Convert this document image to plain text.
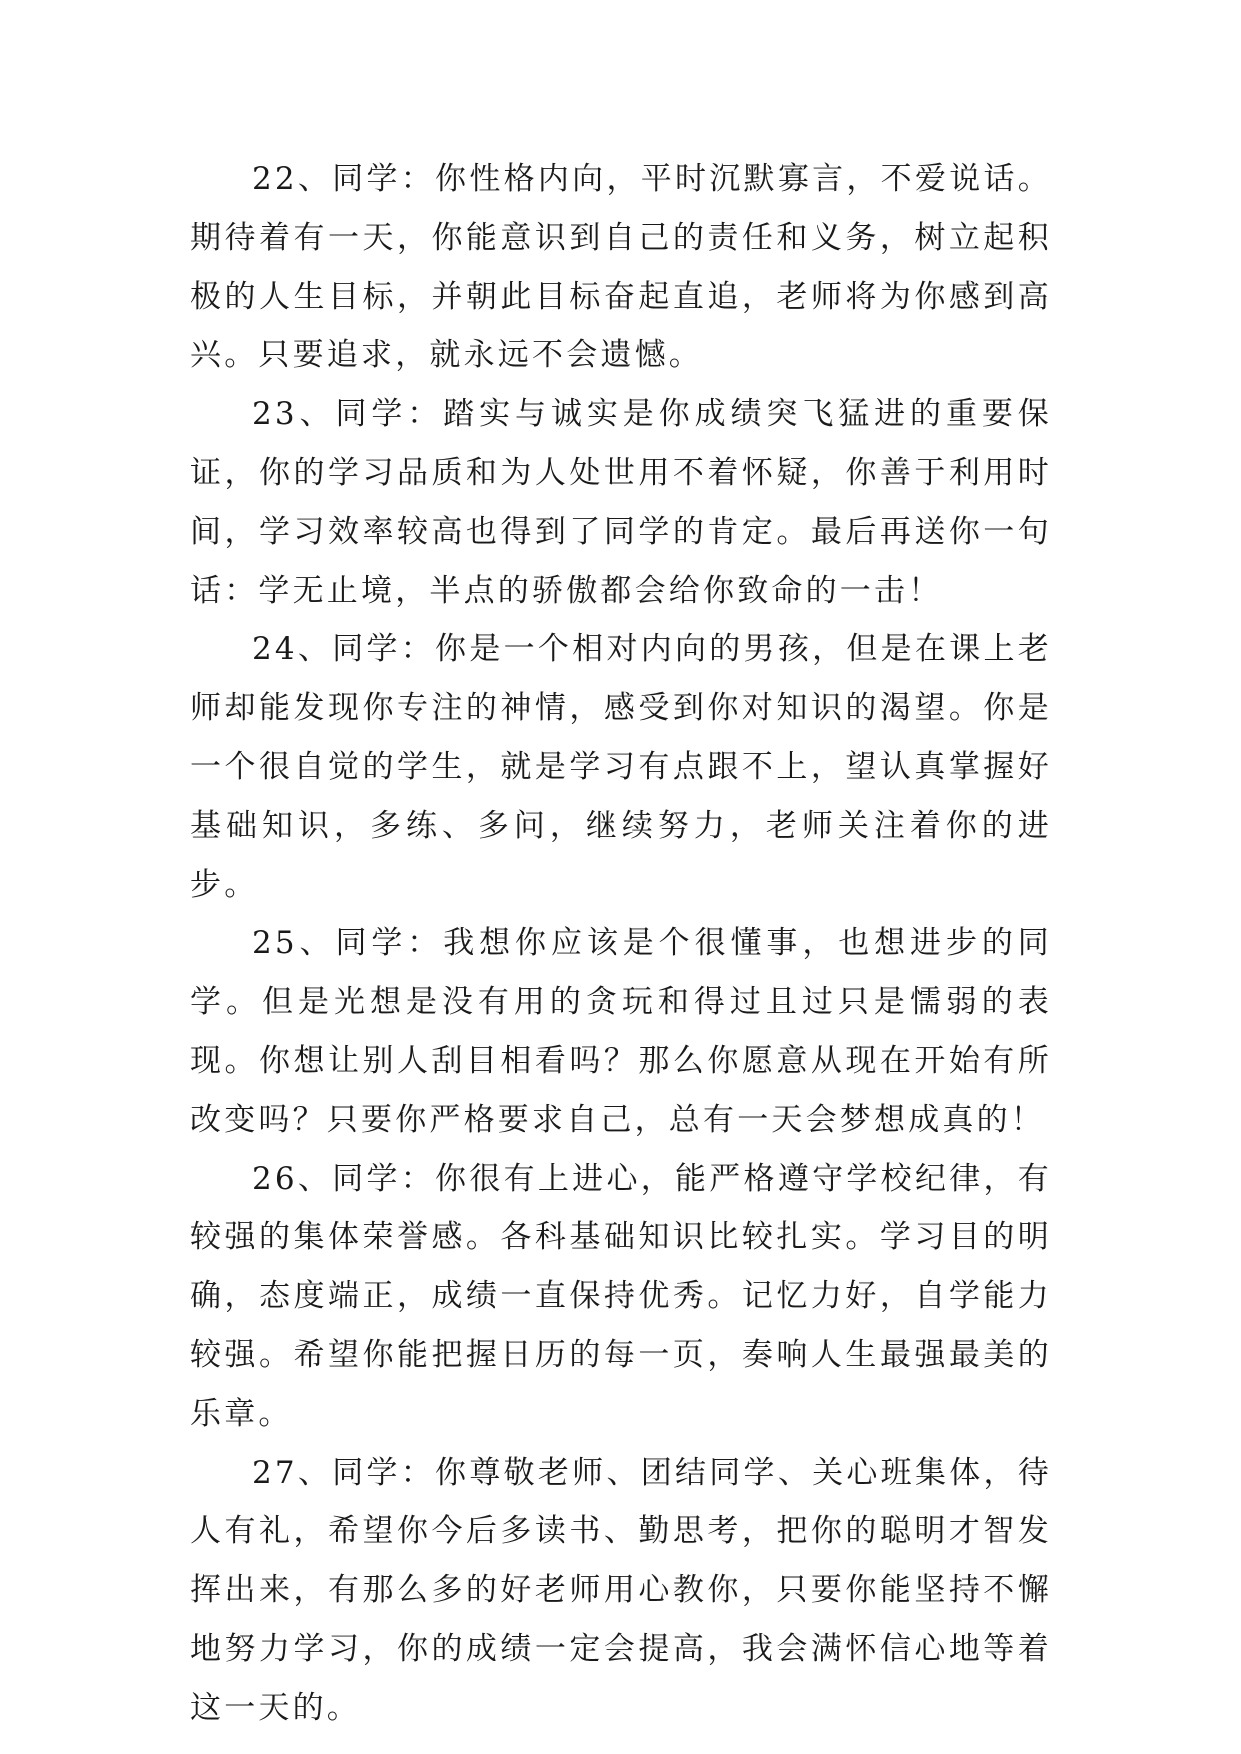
22、同学：你性格内向，平时沉默寡言，不爱说话。期待着有一天，你能意识到自己的责任和义务，树立起积极的人生目标，并朝此目标奋起直追，老师将为你感到高兴。只要追求，就永远不会遗憾。

23、同学：踏实与诚实是你成绩突飞猛进的重要保证，你的学习品质和为人处世用不着怀疑，你善于利用时间，学习效率较高也得到了同学的肯定。最后再送你一句话：学无止境，半点的骄傲都会给你致命的一击！

24、同学：你是一个相对内向的男孩，但是在课上老师却能发现你专注的神情，感受到你对知识的渴望。你是一个很自觉的学生，就是学习有点跟不上，望认真掌握好基础知识，多练、多问，继续努力，老师关注着你的进步。

25、同学：我想你应该是个很懂事，也想进步的同学。但是光想是没有用的贪玩和得过且过只是懦弱的表现。你想让别人刮目相看吗？那么你愿意从现在开始有所改变吗？只要你严格要求自己，总有一天会梦想成真的！

26、同学：你很有上进心，能严格遵守学校纪律，有较强的集体荣誉感。各科基础知识比较扎实。学习目的明确，态度端正，成绩一直保持优秀。记忆力好，自学能力较强。希望你能把握日历的每一页，奏响人生最强最美的乐章。

27、同学：你尊敬老师、团结同学、关心班集体，待人有礼，希望你今后多读书、勤思考，把你的聪明才智发挥出来，有那么多的好老师用心教你，只要你能坚持不懈地努力学习，你的成绩一定会提高，我会满怀信心地等着这一天的。
